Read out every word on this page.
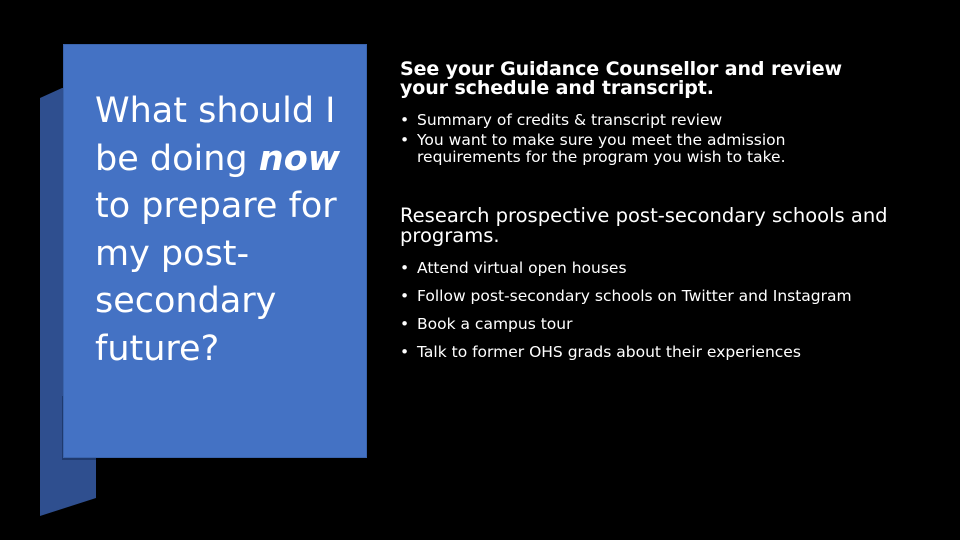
What should I be doing now to prepare for my post-secondary future?

See your Guidance Counsellor and review your schedule and transcript.

• Summary of credits & transcript review
• You want to make sure you meet the admission requirements for the program you wish to take.

Research prospective post-secondary schools and programs.

• Attend virtual open houses
• Follow post-secondary schools on Twitter and Instagram
• Book a campus tour
• Talk to former OHS grads about their experiences
